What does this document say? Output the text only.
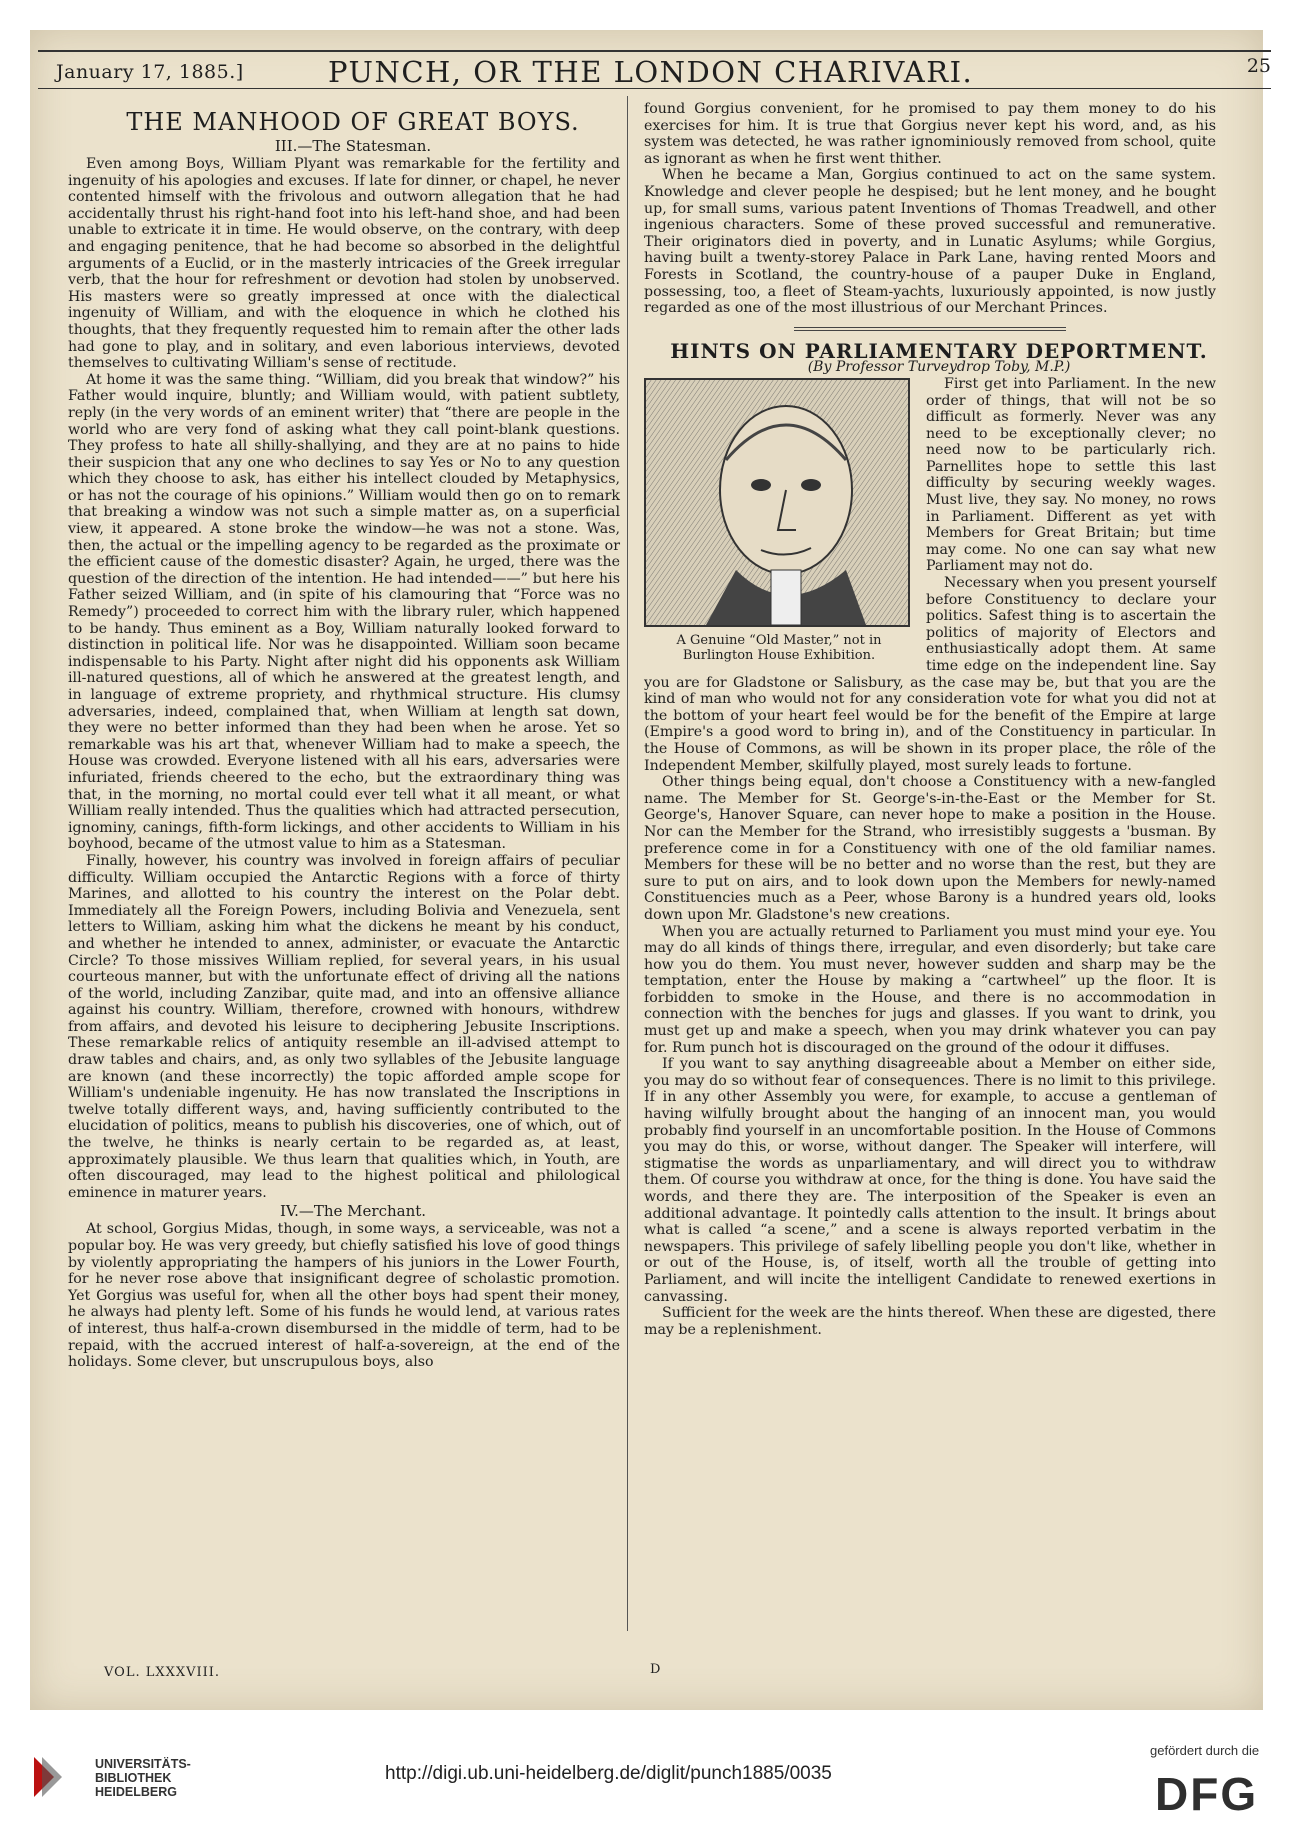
January 17, 1885.]	PUNCH, OR THE LONDON CHARIVARI.	25

THE MANHOOD OF GREAT BOYS.

III.—The Statesman.

Even among Boys, William Plyant was remarkable for the fertility and ingenuity of his apologies and excuses. If late for dinner, or chapel, he never contented himself with the frivolous and outworn allegation that he had accidentally thrust his right-hand foot into his left-hand shoe, and had been unable to extricate it in time. He would observe, on the contrary, with deep and engaging penitence, that he had become so absorbed in the delightful arguments of a Euclid, or in the masterly intricacies of the Greek irregular verb, that the hour for refreshment or devotion had stolen by unobserved. His masters were so greatly impressed at once with the dialectical ingenuity of William, and with the eloquence in which he clothed his thoughts, that they frequently requested him to remain after the other lads had gone to play, and in solitary, and even laborious interviews, devoted themselves to cultivating William's sense of rectitude.

At home it was the same thing. “William, did you break that window?” his Father would inquire, bluntly; and William would, with patient subtlety, reply (in the very words of an eminent writer) that “there are people in the world who are very fond of asking what they call point-blank questions. They profess to hate all shilly-shallying, and they are at no pains to hide their suspicion that any one who declines to say Yes or No to any question which they choose to ask, has either his intellect clouded by Metaphysics, or has not the courage of his opinions.” William would then go on to remark that breaking a window was not such a simple matter as, on a superficial view, it appeared. A stone broke the window—he was not a stone. Was, then, the actual or the impelling agency to be regarded as the proximate or the efficient cause of the domestic disaster? Again, he urged, there was the question of the direction of the intention. He had intended——” but here his Father seized William, and (in spite of his clamouring that “Force was no Remedy”) proceeded to correct him with the library ruler, which happened to be handy. Thus eminent as a Boy, William naturally looked forward to distinction in political life. Nor was he disappointed. William soon became indispensable to his Party. Night after night did his opponents ask William ill-natured questions, all of which he answered at the greatest length, and in language of extreme propriety, and rhythmical structure. His clumsy adversaries, indeed, complained that, when William at length sat down, they were no better informed than they had been when he arose. Yet so remarkable was his art that, whenever William had to make a speech, the House was crowded. Everyone listened with all his ears, adversaries were infuriated, friends cheered to the echo, but the extraordinary thing was that, in the morning, no mortal could ever tell what it all meant, or what William really intended. Thus the qualities which had attracted persecution, ignominy, canings, fifth-form lickings, and other accidents to William in his boyhood, became of the utmost value to him as a Statesman.

Finally, however, his country was involved in foreign affairs of peculiar difficulty. William occupied the Antarctic Regions with a force of thirty Marines, and allotted to his country the interest on the Polar debt. Immediately all the Foreign Powers, including Bolivia and Venezuela, sent letters to William, asking him what the dickens he meant by his conduct, and whether he intended to annex, administer, or evacuate the Antarctic Circle? To those missives William replied, for several years, in his usual courteous manner, but with the unfortunate effect of driving all the nations of the world, including Zanzibar, quite mad, and into an offensive alliance against his country. William, therefore, crowned with honours, withdrew from affairs, and devoted his leisure to deciphering Jebusite Inscriptions. These remarkable relics of antiquity resemble an ill-advised attempt to draw tables and chairs, and, as only two syllables of the Jebusite language are known (and these incorrectly) the topic afforded ample scope for William's undeniable ingenuity. He has now translated the Inscriptions in twelve totally different ways, and, having sufficiently contributed to the elucidation of politics, means to publish his discoveries, one of which, out of the twelve, he thinks is nearly certain to be regarded as, at least, approximately plausible. We thus learn that qualities which, in Youth, are often discouraged, may lead to the highest political and philological eminence in maturer years.

IV.—The Merchant.

At school, Gorgius Midas, though, in some ways, a serviceable, was not a popular boy. He was very greedy, but chiefly satisfied his love of good things by violently appropriating the hampers of his juniors in the Lower Fourth, for he never rose above that insignificant degree of scholastic promotion. Yet Gorgius was useful for, when all the other boys had spent their money, he always had plenty left. Some of his funds he would lend, at various rates of interest, thus half-a-crown disembursed in the middle of term, had to be repaid, with the accrued interest of half-a-sovereign, at the end of the holidays. Some clever, but unscrupulous boys, also

found Gorgius convenient, for he promised to pay them money to do his exercises for him. It is true that Gorgius never kept his word, and, as his system was detected, he was rather ignominiously removed from school, quite as ignorant as when he first went thither.

When he became a Man, Gorgius continued to act on the same system. Knowledge and clever people he despised; but he lent money, and he bought up, for small sums, various patent Inventions of Thomas Treadwell, and other ingenious characters. Some of these proved successful and remunerative. Their originators died in poverty, and in Lunatic Asylums; while Gorgius, having built a twenty-storey Palace in Park Lane, having rented Moors and Forests in Scotland, the country-house of a pauper Duke in England, possessing, too, a fleet of Steam-yachts, luxuriously appointed, is now justly regarded as one of the most illustrious of our Merchant Princes.

HINTS ON PARLIAMENTARY DEPORTMENT.

(By Professor Turveydrop Toby, M.P.)

A Genuine “Old Master,” not in Burlington House Exhibition.

First get into Parliament. In the new order of things, that will not be so difficult as formerly. Never was any need to be exceptionally clever; no need now to be particularly rich. Parnellites hope to settle this last difficulty by securing weekly wages. Must live, they say. No money, no rows in Parliament. Different as yet with Members for Great Britain; but time may come. No one can say what new Parliament may not do.

Necessary when you present yourself before Constituency to declare your politics. Safest thing is to ascertain the politics of majority of Electors and enthusiastically adopt them. At same time edge on the independent line. Say you are for Gladstone or Salisbury, as the case may be, but that you are the kind of man who would not for any consideration vote for what you did not at the bottom of your heart feel would be for the benefit of the Empire at large (Empire's a good word to bring in), and of the Constituency in particular. In the House of Commons, as will be shown in its proper place, the rôle of the Independent Member, skilfully played, most surely leads to fortune.

Other things being equal, don't choose a Constituency with a new-fangled name. The Member for St. George's-in-the-East or the Member for St. George's, Hanover Square, can never hope to make a position in the House. Nor can the Member for the Strand, who irresistibly suggests a 'busman. By preference come in for a Constituency with one of the old familiar names. Members for these will be no better and no worse than the rest, but they are sure to put on airs, and to look down upon the Members for newly-named Constituencies much as a Peer, whose Barony is a hundred years old, looks down upon Mr. Gladstone's new creations.

When you are actually returned to Parliament you must mind your eye. You may do all kinds of things there, irregular, and even disorderly; but take care how you do them. You must never, however sudden and sharp may be the temptation, enter the House by making a “cartwheel” up the floor. It is forbidden to smoke in the House, and there is no accommodation in connection with the benches for jugs and glasses. If you want to drink, you must get up and make a speech, when you may drink whatever you can pay for. Rum punch hot is discouraged on the ground of the odour it diffuses.

If you want to say anything disagreeable about a Member on either side, you may do so without fear of consequences. There is no limit to this privilege. If in any other Assembly you were, for example, to accuse a gentleman of having wilfully brought about the hanging of an innocent man, you would probably find yourself in an uncomfortable position. In the House of Commons you may do this, or worse, without danger. The Speaker will interfere, will stigmatise the words as unparliamentary, and will direct you to withdraw them. Of course you withdraw at once, for the thing is done. You have said the words, and there they are. The interposition of the Speaker is even an additional advantage. It pointedly calls attention to the insult. It brings about what is called “a scene,” and a scene is always reported verbatim in the newspapers. This privilege of safely libelling people you don't like, whether in or out of the House, is, of itself, worth all the trouble of getting into Parliament, and will incite the intelligent Candidate to renewed exertions in canvassing.

Sufficient for the week are the hints thereof. When these are digested, there may be a replenishment.

VOL. LXXXVIII.	D
UNIVERSITÄTS-
BIBLIOTHEK
HEIDELBERG
http://digi.ub.uni-heidelberg.de/diglit/punch1885/0035
gefördert durch die
DFG
